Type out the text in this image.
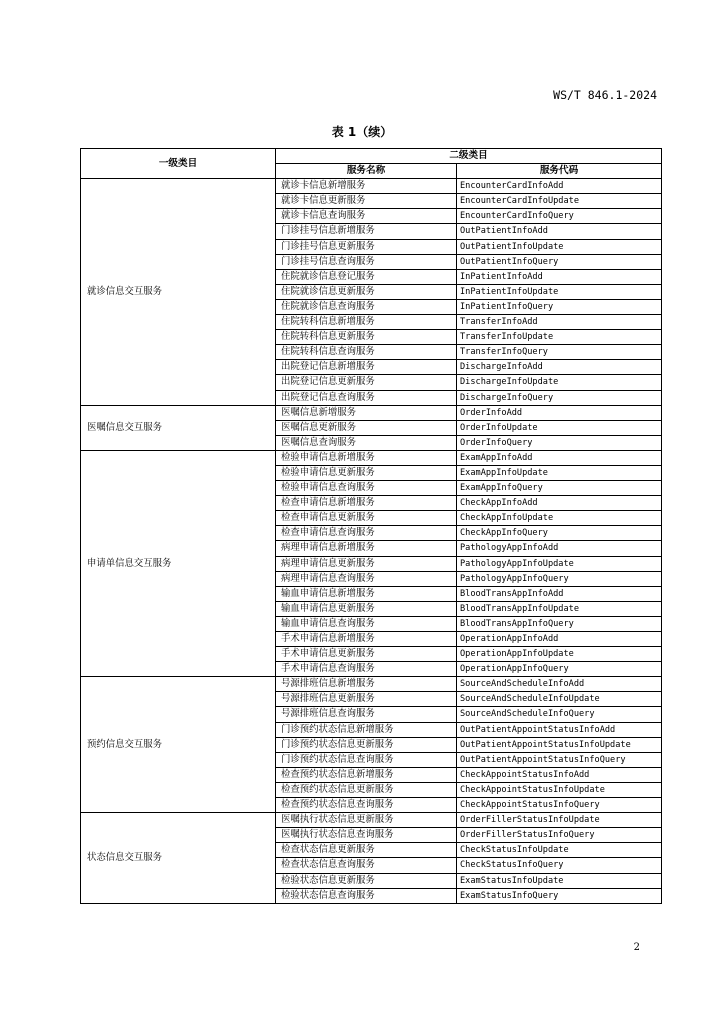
WS/T 846.1-2024
表 1（续）
一级类目	二级类目	
	服务名称	服务代码
就诊信息交互服务	就诊卡信息新增服务	EncounterCardInfoAdd
	就诊卡信息更新服务	EncounterCardInfoUpdate
	就诊卡信息查询服务	EncounterCardInfoQuery
	门诊挂号信息新增服务	OutPatientInfoAdd
	门诊挂号信息更新服务	OutPatientInfoUpdate
	门诊挂号信息查询服务	OutPatientInfoQuery
	住院就诊信息登记服务	InPatientInfoAdd
	住院就诊信息更新服务	InPatientInfoUpdate
	住院就诊信息查询服务	InPatientInfoQuery
	住院转科信息新增服务	TransferInfoAdd
	住院转科信息更新服务	TransferInfoUpdate
	住院转科信息查询服务	TransferInfoQuery
	出院登记信息新增服务	DischargeInfoAdd
	出院登记信息更新服务	DischargeInfoUpdate
	出院登记信息查询服务	DischargeInfoQuery
医嘱信息交互服务	医嘱信息新增服务	OrderInfoAdd
	医嘱信息更新服务	OrderInfoUpdate
	医嘱信息查询服务	OrderInfoQuery
申请单信息交互服务	检验申请信息新增服务	ExamAppInfoAdd
	检验申请信息更新服务	ExamAppInfoUpdate
	检验申请信息查询服务	ExamAppInfoQuery
	检查申请信息新增服务	CheckAppInfoAdd
	检查申请信息更新服务	CheckAppInfoUpdate
	检查申请信息查询服务	CheckAppInfoQuery
	病理申请信息新增服务	PathologyAppInfoAdd
	病理申请信息更新服务	PathologyAppInfoUpdate
	病理申请信息查询服务	PathologyAppInfoQuery
	输血申请信息新增服务	BloodTransAppInfoAdd
	输血申请信息更新服务	BloodTransAppInfoUpdate
	输血申请信息查询服务	BloodTransAppInfoQuery
	手术申请信息新增服务	OperationAppInfoAdd
	手术申请信息更新服务	OperationAppInfoUpdate
	手术申请信息查询服务	OperationAppInfoQuery
预约信息交互服务	号源排班信息新增服务	SourceAndScheduleInfoAdd
	号源排班信息更新服务	SourceAndScheduleInfoUpdate
	号源排班信息查询服务	SourceAndScheduleInfoQuery
	门诊预约状态信息新增服务	OutPatientAppointStatusInfoAdd
	门诊预约状态信息更新服务	OutPatientAppointStatusInfoUpdate
	门诊预约状态信息查询服务	OutPatientAppointStatusInfoQuery
	检查预约状态信息新增服务	CheckAppointStatusInfoAdd
	检查预约状态信息更新服务	CheckAppointStatusInfoUpdate
	检查预约状态信息查询服务	CheckAppointStatusInfoQuery
状态信息交互服务	医嘱执行状态信息更新服务	OrderFillerStatusInfoUpdate
	医嘱执行状态信息查询服务	OrderFillerStatusInfoQuery
	检查状态信息更新服务	CheckStatusInfoUpdate
	检查状态信息查询服务	CheckStatusInfoQuery
	检验状态信息更新服务	ExamStatusInfoUpdate
	检验状态信息查询服务	ExamStatusInfoQuery
2
